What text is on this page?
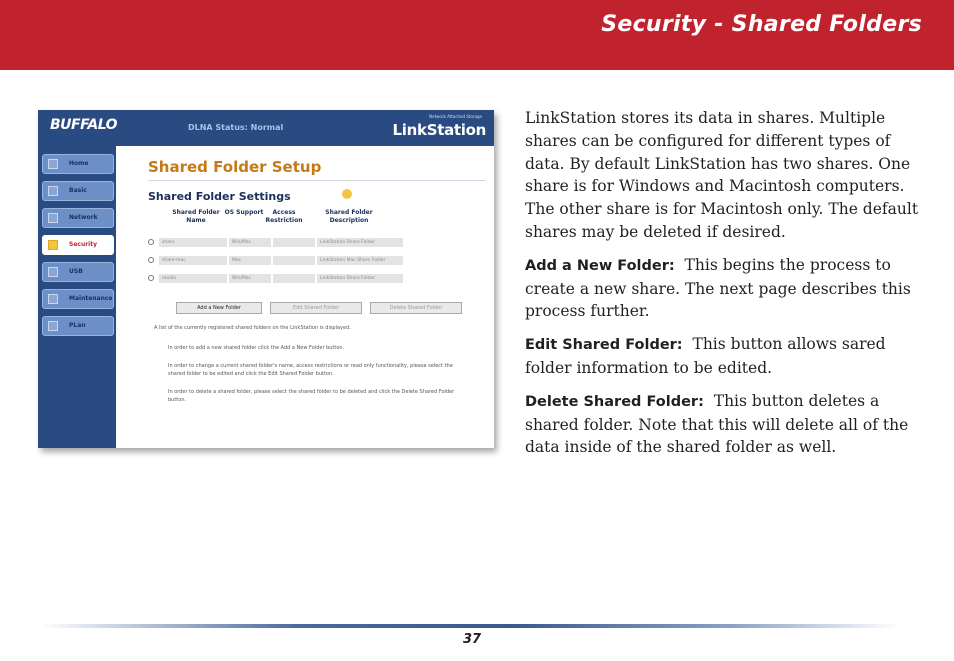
Security - Shared Folders
BUFFALO	DLNA Status: Normal
Network Attached Storage
LinkStation
Home
Basic
Network
Security
USB
Maintenance
PLan
Shared Folder Setup
Shared Folder Settings
Shared Folder Name
OS Support	Access Restriction
Shared Folder Description
share	Win/Mac	LinkStation Share Folder
share-mac	Mac	LinkStation Mac Share Folder
media	Win/Mac	LinkStation Share Folder
Add a New Folder	Edit Shared Folder	Delete Shared Folder
A list of the currently registered shared folders on the LinkStation is displayed.
In order to add a new shared folder click the Add a New Folder button.
In order to change a current shared folder's name, access restrictions or read only functionality, please select the shared folder to be edited and click the Edit Shared Folder button.
In order to delete a shared folder, please select the shared folder to be deleted and click the Delete Shared Folder button.

LinkStation stores its data in shares. Multiple shares can be configured for different types of data. By default LinkStation has two shares. One share is for Windows and Macintosh computers. The other share is for Macintosh only. The default shares may be deleted if desired.

Add a New Folder: This begins the process to create a new share. The next page describes this process further.

Edit Shared Folder: This button allows sared folder information to be edited.

Delete Shared Folder: This button deletes a shared folder. Note that this will delete all of the data inside of the shared folder as well.

37
